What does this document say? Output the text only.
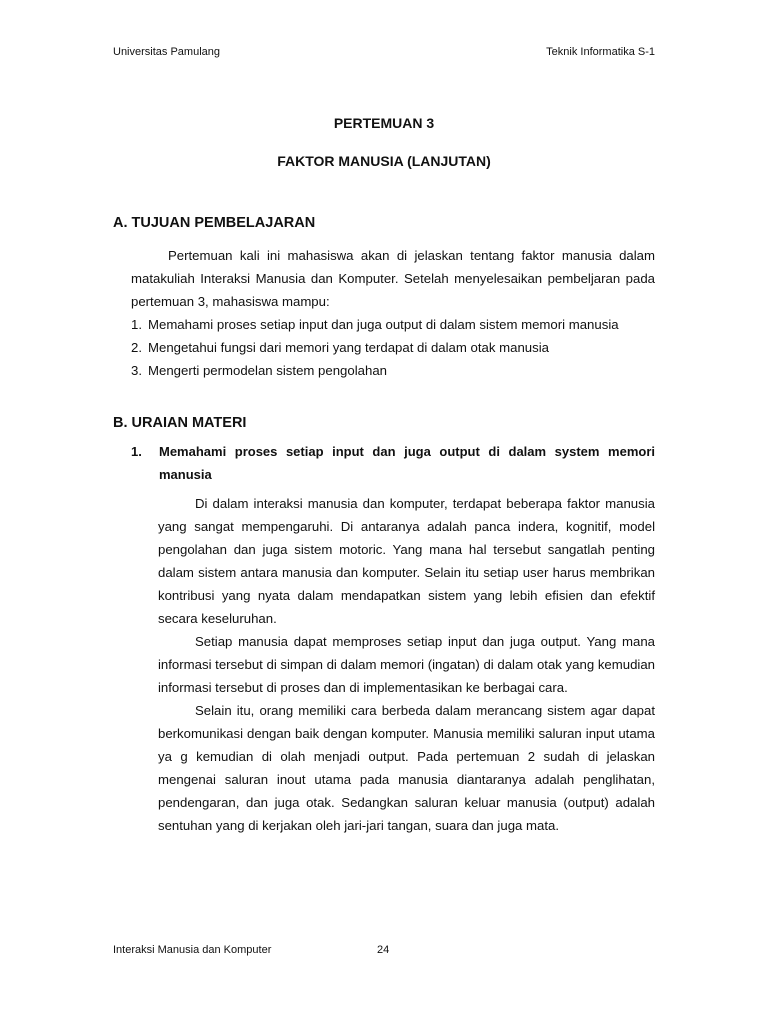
Universitas Pamulang	Teknik Informatika S-1
PERTEMUAN 3
FAKTOR MANUSIA (LANJUTAN)
A. TUJUAN PEMBELAJARAN

Pertemuan kali ini mahasiswa akan di jelaskan tentang faktor manusia dalam matakuliah Interaksi Manusia dan Komputer. Setelah menyelesaikan pembeljaran pada pertemuan 3, mahasiswa mampu:

1. Memahami proses setiap input dan juga output di dalam sistem memori manusia
2. Mengetahui fungsi dari memori yang terdapat di dalam otak manusia
3. Mengerti permodelan sistem pengolahan
B. URAIAN MATERI
1.	Memahami proses setiap input dan juga output di dalam system memori manusia

Di dalam interaksi manusia dan komputer, terdapat beberapa faktor manusia yang sangat mempengaruhi. Di antaranya adalah panca indera, kognitif, model pengolahan dan juga sistem motoric. Yang mana hal tersebut sangatlah penting dalam sistem antara manusia dan komputer. Selain itu setiap user harus membrikan kontribusi yang nyata dalam mendapatkan sistem yang lebih efisien dan efektif secara keseluruhan.

Setiap manusia dapat memproses setiap input dan juga output. Yang mana informasi tersebut di simpan di dalam memori (ingatan) di dalam otak yang kemudian informasi tersebut di proses dan di implementasikan ke berbagai cara.

Selain itu, orang memiliki cara berbeda dalam merancang sistem agar dapat berkomunikasi dengan baik dengan komputer. Manusia memiliki saluran input utama ya g kemudian di olah menjadi output. Pada pertemuan 2 sudah di jelaskan mengenai saluran inout utama pada manusia diantaranya adalah penglihatan, pendengaran, dan juga otak. Sedangkan saluran keluar manusia (output) adalah sentuhan yang di kerjakan oleh jari-jari tangan, suara dan juga mata.

Interaksi Manusia dan Komputer	24
